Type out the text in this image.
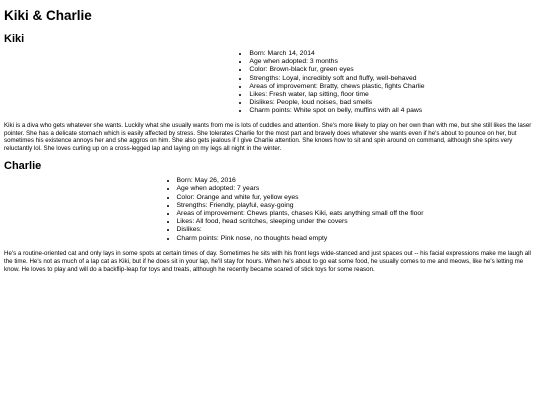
Kiki & Charlie
Kiki
• Born: March 14, 2014
• Age when adopted: 3 months
• Color: Brown-black fur, green eyes
• Strengths: Loyal, incredibly soft and fluffy, well-behaved
• Areas of improvement: Bratty, chews plastic, fights Charlie
• Likes: Fresh water, lap sitting, floor time
• Dislikes: People, loud noises, bad smells
• Charm points: White spot on belly, muffins with all 4 paws

Kiki is a diva who gets whatever she wants. Luckily what she usually wants from me is lots of cuddles and attention. She's more likely to play on her own than with me, but she still likes the laser pointer. She has a delicate stomach which is easily affected by stress. She tolerates Charlie for the most part and bravely does whatever she wants even if he's about to pounce on her, but sometimes his existence annoys her and she aggros on him. She also gets jealous if I give Charlie attention. She knows how to sit and spin around on command, although she spins very reluctantly lol. She loves curling up on a cross-legged lap and laying on my legs all night in the winter.

Charlie
• Born: May 26, 2016
• Age when adopted: 7 years
• Color: Orange and white fur, yellow eyes
• Strengths: Friendly, playful, easy-going
• Areas of improvement: Chews plants, chases Kiki, eats anything small off the floor
• Likes: All food, head scritches, sleeping under the covers
• Dislikes:
• Charm points: Pink nose, no thoughts head empty

He's a routine-oriented cat and only lays in some spots at certain times of day. Sometimes he sits with his front legs wide-stanced and just spaces out -- his facial expressions make me laugh all the time. He's not as much of a lap cat as Kiki, but if he does sit in your lap, he'll stay for hours. When he's about to go eat some food, he usually comes to me and meows, like he's letting me know. He loves to play and will do a backflip-leap for toys and treats, although he recently became scared of stick toys for some reason.
